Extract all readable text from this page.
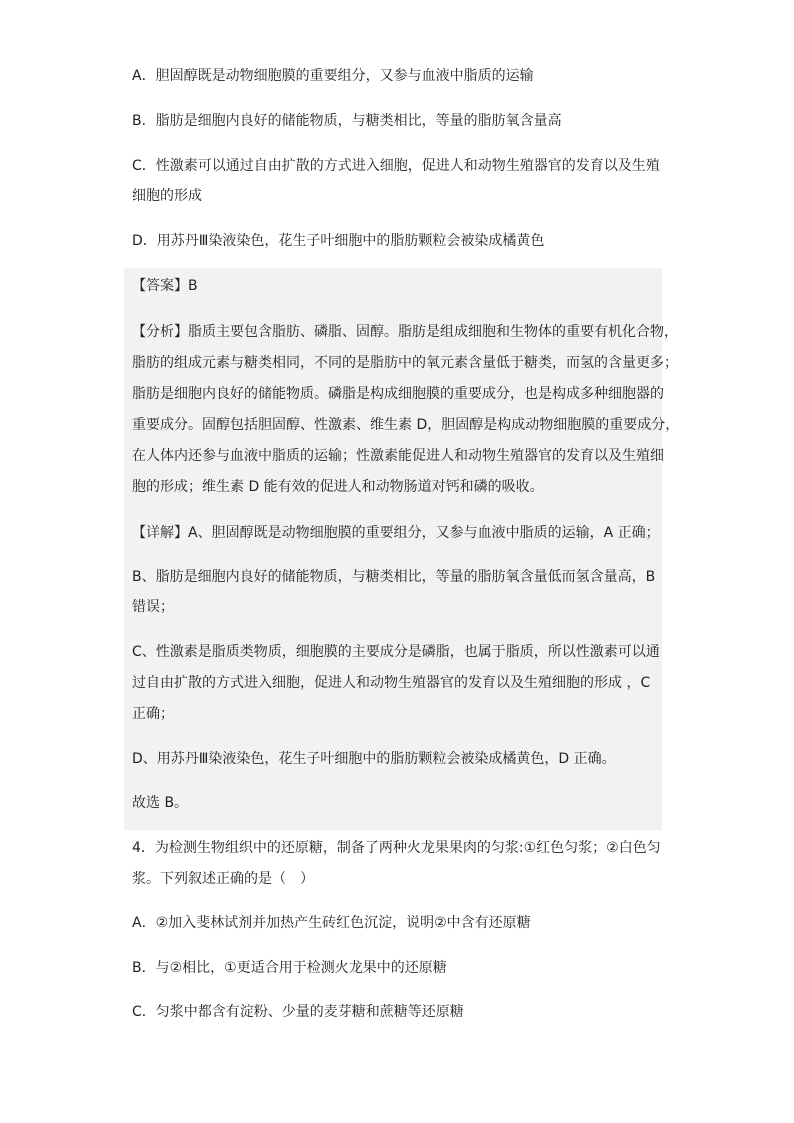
A．胆固醇既是动物细胞膜的重要组分，又参与血液中脂质的运输
B．脂肪是细胞内良好的储能物质，与糖类相比，等量的脂肪氧含量高
C．性激素可以通过自由扩散的方式进入细胞，促进人和动物生殖器官的发育以及生殖
细胞的形成
D．用苏丹Ⅲ染液染色，花生子叶细胞中的脂肪颗粒会被染成橘黄色
【答案】B
【分析】脂质主要包含脂肪、磷脂、固醇。脂肪是组成细胞和生物体的重要有机化合物，
脂肪的组成元素与糖类相同，不同的是脂肪中的氧元素含量低于糖类，而氢的含量更多；
脂肪是细胞内良好的储能物质。磷脂是构成细胞膜的重要成分，也是构成多种细胞器的
重要成分。固醇包括胆固醇、性激素、维生素 D，胆固醇是构成动物细胞膜的重要成分，
在人体内还参与血液中脂质的运输；性激素能促进人和动物生殖器官的发育以及生殖细
胞的形成；维生素 D 能有效的促进人和动物肠道对钙和磷的吸收。
【详解】A、胆固醇既是动物细胞膜的重要组分，又参与血液中脂质的运输，A 正确；
B、脂肪是细胞内良好的储能物质，与糖类相比，等量的脂肪氧含量低而氢含量高，B
错误；
C、性激素是脂质类物质，细胞膜的主要成分是磷脂，也属于脂质，所以性激素可以通
过自由扩散的方式进入细胞，促进人和动物生殖器官的发育以及生殖细胞的形成 ，C
正确；
D、用苏丹Ⅲ染液染色，花生子叶细胞中的脂肪颗粒会被染成橘黄色，D 正确。
故选 B。
4．为检测生物组织中的还原糖，制备了两种火龙果果肉的匀浆:①红色匀浆；②白色匀
浆。下列叙述正确的是（　）
A．②加入斐林试剂并加热产生砖红色沉淀，说明②中含有还原糖
B．与②相比，①更适合用于检测火龙果中的还原糖
C．匀浆中都含有淀粉、少量的麦芽糖和蔗糖等还原糖
